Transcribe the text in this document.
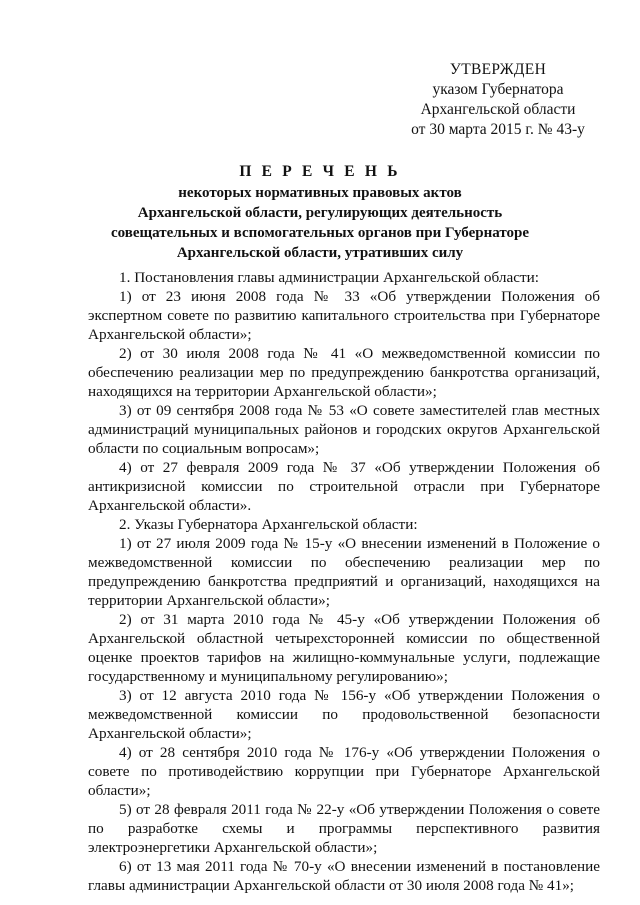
УТВЕРЖДЕН
указом Губернатора
Архангельской области
от 30 марта 2015 г. № 43-у
П Е Р Е Ч Е Н Ь
некоторых нормативных правовых актов
Архангельской области, регулирующих деятельность
совещательных и вспомогательных органов при Губернаторе
Архангельской области, утративших силу

1. Постановления главы администрации Архангельской области:

1) от 23 июня 2008 года № 33 «Об утверждении Положения об экспертном совете по развитию капитального строительства при Губернаторе Архангельской области»;

2) от 30 июля 2008 года № 41 «О межведомственной комиссии по обеспечению реализации мер по предупреждению банкротства организаций, находящихся на территории Архангельской области»;

3) от 09 сентября 2008 года № 53 «О совете заместителей глав местных администраций муниципальных районов и городских округов Архангельской области по социальным вопросам»;

4) от 27 февраля 2009 года № 37 «Об утверждении Положения об антикризисной комиссии по строительной отрасли при Губернаторе Архангельской области».

2. Указы Губернатора Архангельской области:

1) от 27 июля 2009 года № 15-у «О внесении изменений в Положение о межведомственной комиссии по обеспечению реализации мер по предупреждению банкротства предприятий и организаций, находящихся на территории Архангельской области»;

2) от 31 марта 2010 года № 45-у «Об утверждении Положения об Архангельской областной четырехсторонней комиссии по общественной оценке проектов тарифов на жилищно-коммунальные услуги, подлежащие государственному и муниципальному регулированию»;

3) от 12 августа 2010 года № 156-у «Об утверждении Положения о межведомственной комиссии по продовольственной безопасности Архангельской области»;

4) от 28 сентября 2010 года № 176-у «Об утверждении Положения о совете по противодействию коррупции при Губернаторе Архангельской области»;

5) от 28 февраля 2011 года № 22-у «Об утверждении Положения о совете по разработке схемы и программы перспективного развития электроэнергетики Архангельской области»;

6) от 13 мая 2011 года № 70-у «О внесении изменений в постановление главы администрации Архангельской области от 30 июля 2008 года № 41»;
